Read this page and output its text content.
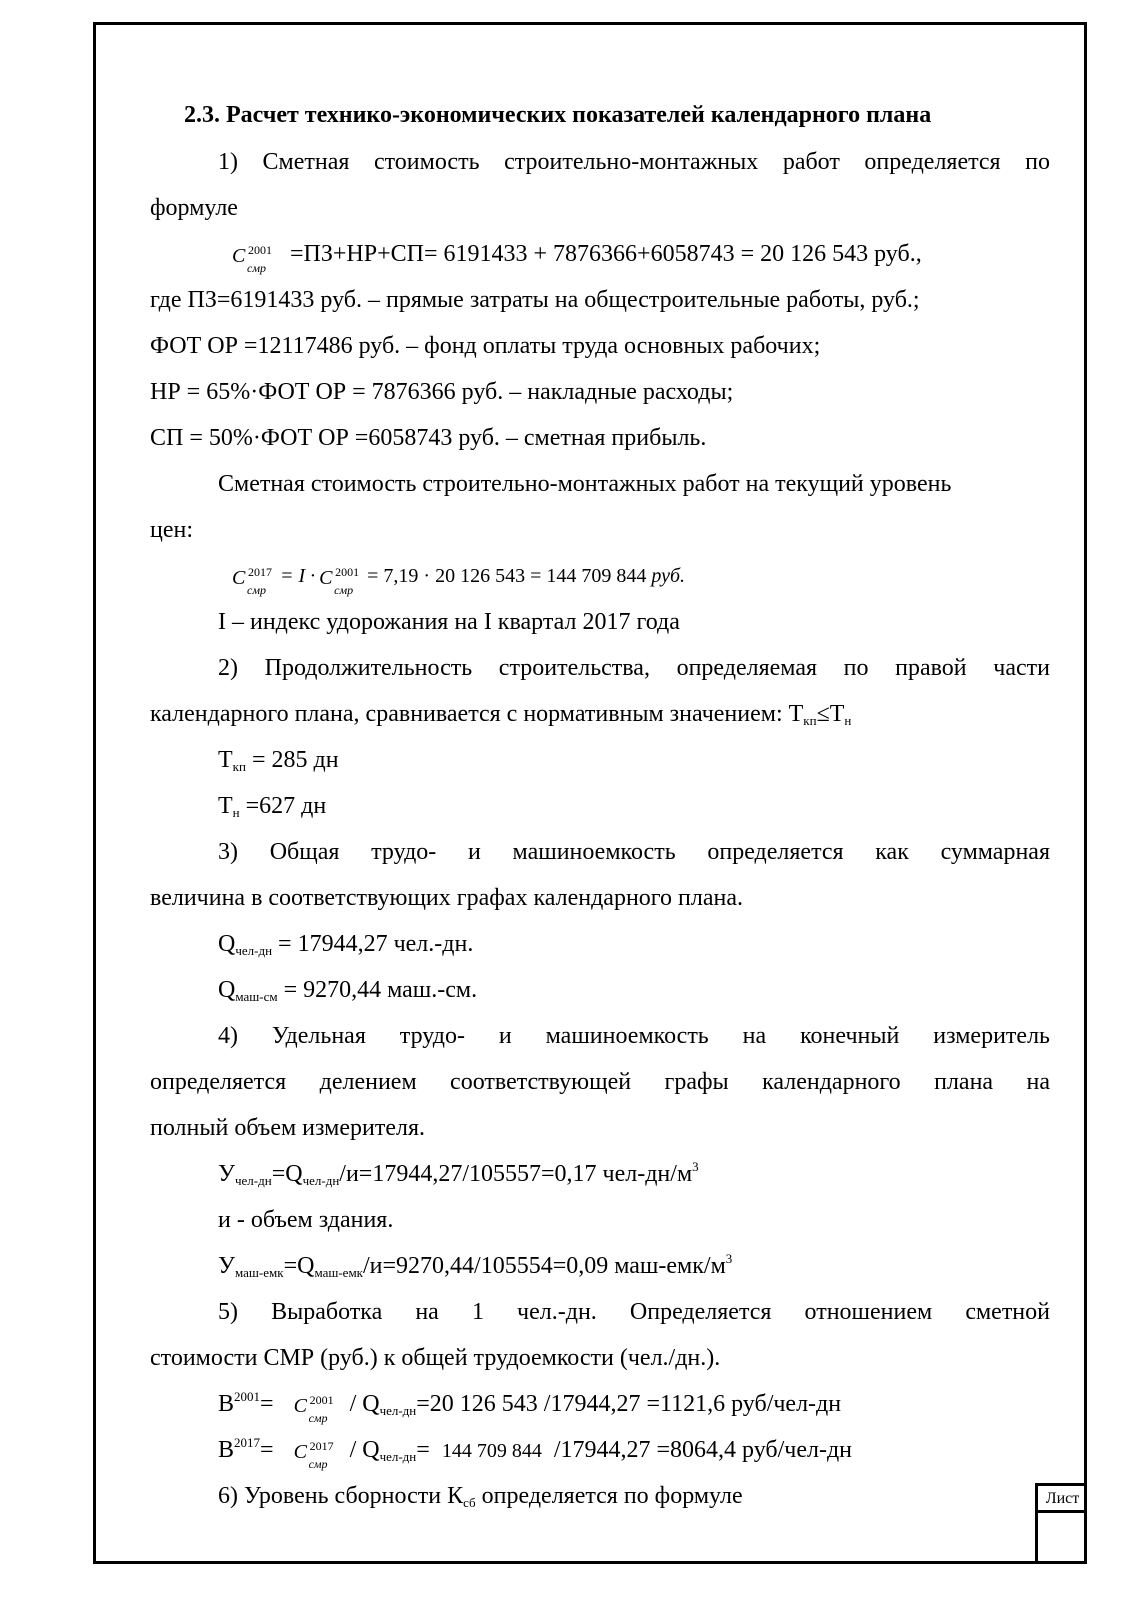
2.3. Расчет технико-экономических показателей календарного плана
1) Сметная стоимость строительно-монтажных работ определяется по
формуле
C 2001
смр
=ПЗ+НР+СП= 6191433 + 7876366+6058743 = 20 126 543 руб.,
где ПЗ=6191433 руб. – прямые затраты на общестроительные работы, руб.;
ФОТ ОР =12117486 руб. – фонд оплаты труда основных рабочих;
НР = 65%·ФОТ ОР = 7876366 руб. – накладные расходы;
СП = 50%·ФОТ ОР =6058743 руб. – сметная прибыль.
Сметная стоимость строительно-монтажных работ на текущий уровень
цен:
C 2017
смр
= I · C 2001
смр
= 7,19 · 20 126 543 = 144 709 844 руб.
I – индекс удорожания на I квартал 2017 года
2) Продолжительность строительства, определяемая по правой части
календарного плана, сравнивается с нормативным значением: Ткп≤Тн
Ткп = 285 дн
Тн =627 дн
3) Общая трудо- и машиноемкость определяется как суммарная
величина в соответствующих графах календарного плана.
Qчел-дн = 17944,27 чел.-дн.
Qмаш-см = 9270,44 маш.-см.
4) Удельная трудо- и машиноемкость на конечный измеритель
определяется делением соответствующей графы календарного плана на
полный объем измерителя.
Учел-дн=Qчел-дн/и=17944,27/105557=0,17 чел-$дн/м^3$
и - объем здания.
Умаш-емк=Qмаш-емк/и=9270,44/105554=0,09 маш-$емк/м^3$
5) Выработка на 1 чел.-дн. Определяется отношением сметной
стоимости СМР (руб.) к общей трудоемкости (чел./дн.).
$В^{2001}= C$ 2001
смр
/ Qчел-дн=20 126 543 /17944,27 =1121,6 руб/чел-дн
$В^{2017}= C$ 2017
смр
/ Qчел-дн= 144 709 844 /17944,27 =8064,4 руб/чел-дн
6) Уровень сборности Ксб определяется по формуле	Лист
